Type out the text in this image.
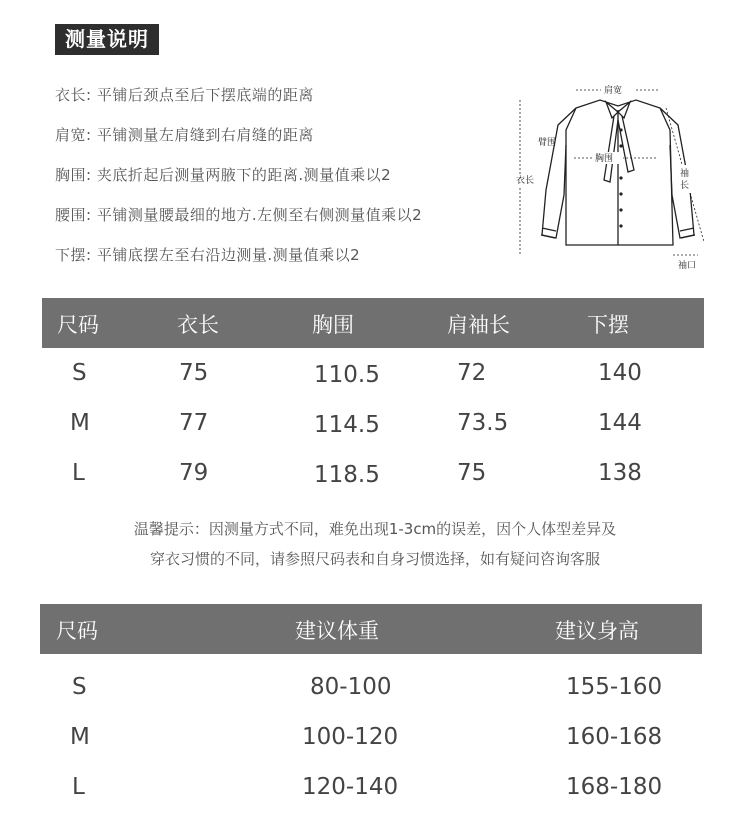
测量说明
衣长: 平铺后颈点至后下摆底端的距离
肩宽: 平铺测量左肩缝到右肩缝的距离
胸围: 夹底折起后测量两腋下的距离.测量值乘以2
腰围: 平铺测量腰最细的地方.左侧至右侧测量值乘以2
下摆: 平铺底摆左至右沿边测量.测量值乘以2
肩宽
臂围
胸围
衣长
袖长
袖口
尺码	衣长	胸围	肩袖长	下摆
S	75	110.5	72	140
M	77	114.5	73.5	144
L	79	118.5	75	138
温馨提示：因测量方式不同，难免出现1-3cm的误差，因个人体型差异及
穿衣习惯的不同，请参照尺码表和自身习惯选择，如有疑问咨询客服
尺码	建议体重	建议身高
S	80-100	155-160
M	100-120	160-168
L	120-140	168-180
